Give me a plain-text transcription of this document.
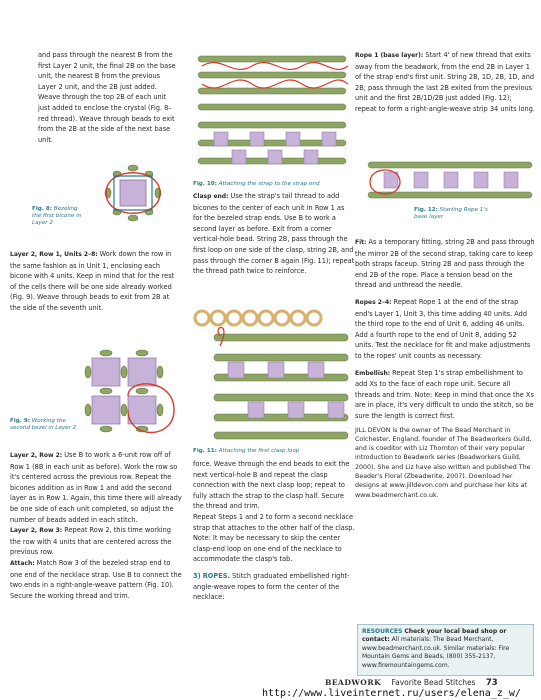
and pass through the nearest B from the first Layer 2 unit, the final 2B on the base unit, the nearest B from the previous Layer 2 unit, and the 2B just added. Weave through the top 2B of each unit just added to enclose the crystal (Fig. 8–red thread). Weave through beads to exit from the 2B at the side of the next base unit.

Fig. 8: Bezeling the first bicone in Layer 2

Layer 2, Row 1, Units 2–8: Work down the row in the same fashion as in Unit 1, enclosing each bicone with 4 units. Keep in mind that for the rest of the cells there will be one side already worked (Fig. 9). Weave through beads to exit from 2B at the side of the seventh unit.

Fig. 9: Working the second bezel in Layer 2

Layer 2, Row 2: Use B to work a 6-unit row off of Row 1 (8B in each unit as before). Work the row so it's centered across the previous row. Repeat the bicones addition as in Row 1 and add the second layer as in Row 1. Again, this time there will already be one side of each unit completed, so adjust the number of beads added in each stitch.

Layer 2, Row 3: Repeat Row 2, this time working the row with 4 units that are centered across the previous row.

Attach: Match Row 3 of the bezeled strap end to one end of the necklace strap. Use B to connect the two ends in a right-angle-weave pattern (Fig. 10). Secure the working thread and trim.

Fig. 10: Attaching the strap to the strap end

Clasp end: Use the strap's tail thread to add bicones to the center of each unit in Row 1 as for the bezeled strap ends. Use B to work a second layer as before. Exit from a corner vertical-hole bead. String 2B, pass through the first loop on one side of the clasp, string 2B, and pass through the corner B again (Fig. 11); repeat the thread path twice to reinforce.

Fig. 11: Attaching the first clasp loop

force. Weave through the end beads to exit the next vertical-hole B and repeat the clasp connection with the next clasp loop; repeat to fully attach the strap to the clasp half. Secure the thread and trim.

Repeat Steps 1 and 2 to form a second necklace strap that attaches to the other half of the clasp. Note: It may be necessary to skip the center clasp-end loop on one end of the necklace to accommodate the clasp's tab.

3) ROPES. Stitch graduated embellished right-angle-weave ropes to form the center of the necklace:

Rope 1 (base layer): Start 4' of new thread that exits away from the beadwork, from the end 2B in Layer 1 of the strap end's first unit. String 2B, 1D, 2B, 1D, and 2B; pass through the last 2B exited from the previous unit and the first 2B/1D/2B just added (Fig. 12); repeat to form a right-angle-weave strip 34 units long.

Fig. 12: Starting Rope 1's base layer

Fit: As a temporary fitting, string 2B and pass through the mirror 2B of the second strap, taking care to keep both straps faceup. String 2B and pass through the end 2B of the rope. Place a tension bead on the thread and unthread the needle.

Ropes 2–4: Repeat Rope 1 at the end of the strap end's Layer 1, Unit 3, this time adding 40 units. Add the third rope to the end of Unit 6, adding 46 units. Add a fourth rope to the end of Unit 8, adding 52 units. Test the necklace for fit and make adjustments to the ropes' unit counts as necessary.

Embellish: Repeat Step 1's strap embellishment to add Xs to the face of each rope unit. Secure all threads and trim. Note: Keep in mind that once the Xs are in place, it's very difficult to undo the stitch, so be sure the length is correct first.

JILL DEVON is the owner of The Bead Merchant in Colchester, England, founder of The Beadworkers Guild, and is coeditor with Liz Thornton of their very popular introduction to Beadwork series (Beadworkers Guild, 2000). She and Liz have also written and published The Beader's Floral (Zbeadwrite, 2007). Download her designs at www.jilldevon.com and purchase her kits at www.beadmerchant.co.uk.

RESOURCES Check your local bead shop or contact: All materials: The Bead Merchant, www.beadmerchant.co.uk. Similar materials: Fire Mountain Gems and Beads, (800) 355-2137, www.firemountaingems.com.
BEADWORK Favorite Bead Stitches 73
http://www.liveinternet.ru/users/elena_z_w/
